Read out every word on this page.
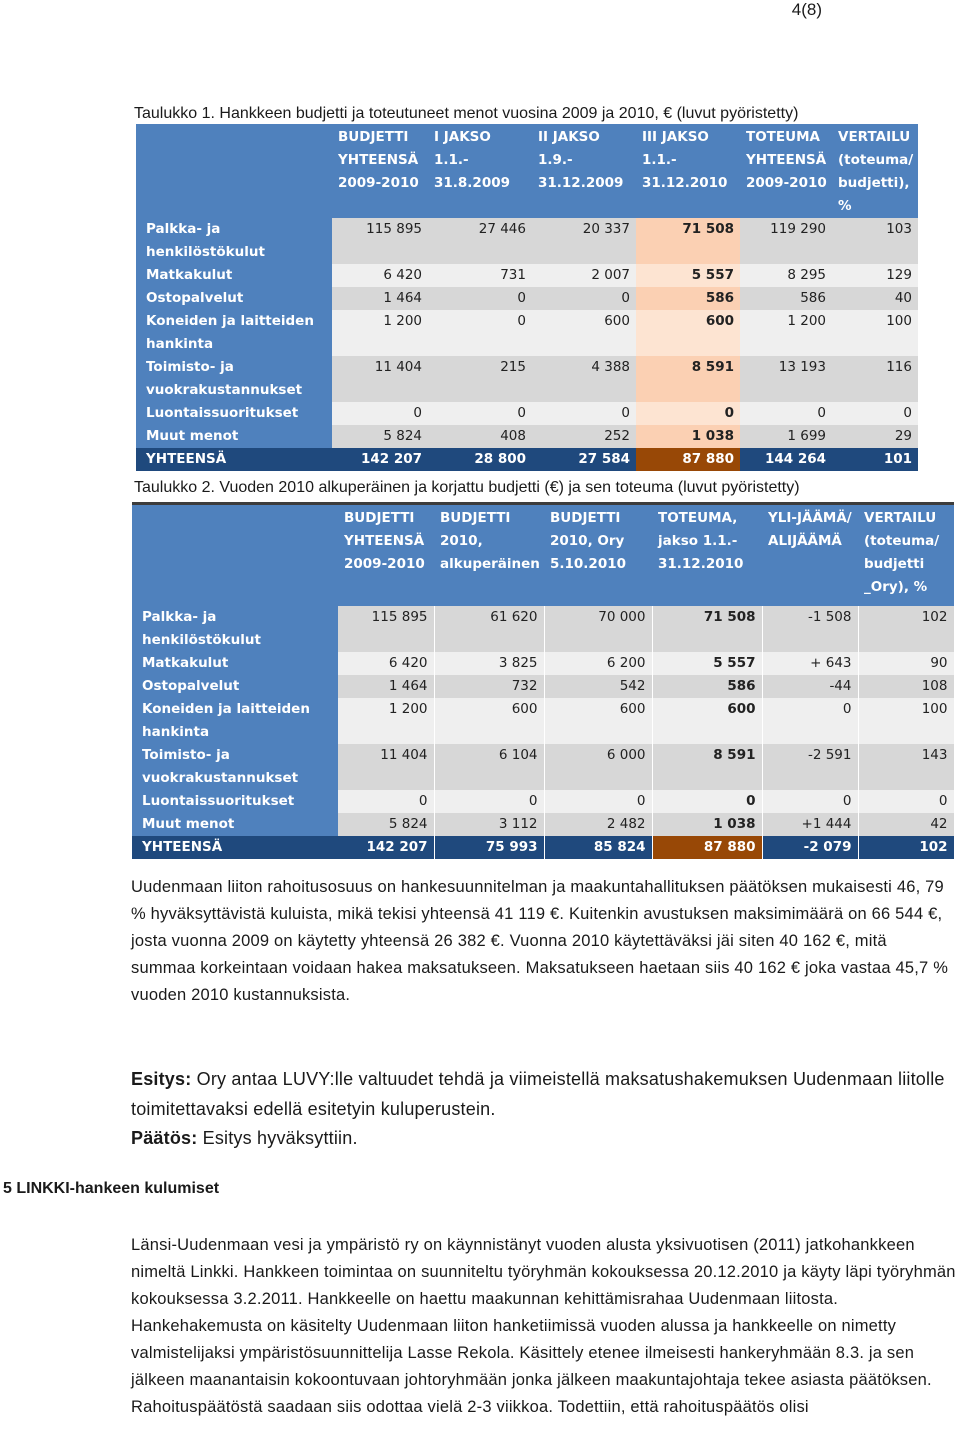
4(8)
Taulukko 1. Hankkeen budjetti ja toteutuneet menot vuosina 2009 ja 2010, € (luvut pyöristetty)
	BUDJETTI YHTEENSÄ 2009-2010	I JAKSO 1.1.- 31.8.2009	II JAKSO 1.9.- 31.12.2009	III JAKSO 1.1.- 31.12.2010	TOTEUMA YHTEENSÄ 2009-2010	VERTAILU (toteuma/ budjetti), %
Palkka- ja henkilöstökulut	115 895	27 446	20 337	71 508	119 290	103
Matkakulut	6 420	731	2 007	5 557	8 295	129
Ostopalvelut	1 464	0	0	586	586	40
Koneiden ja laitteiden hankinta	1 200	0	600	600	1 200	100
Toimisto- ja vuokrakustannukset	11 404	215	4 388	8 591	13 193	116
Luontaissuoritukset	0	0	0	0	0	0
Muut menot	5 824	408	252	1 038	1 699	29
YHTEENSÄ	142 207	28 800	27 584	87 880	144 264	101
Taulukko 2. Vuoden 2010 alkuperäinen ja korjattu budjetti (€) ja sen toteuma (luvut pyöristetty)
	BUDJETTI YHTEENSÄ 2009-2010	BUDJETTI 2010, alkuperäinen	BUDJETTI 2010, Ory 5.10.2010	TOTEUMA, jakso 1.1.- 31.12.2010	YLI-JÄÄMÄ/ ALIJÄÄMÄ	VERTAILU (toteuma/ budjetti _Ory), %
Palkka- ja henkilöstökulut	115 895	61 620	70 000	71 508	-1 508	102
Matkakulut	6 420	3 825	6 200	5 557	+ 643	90
Ostopalvelut	1 464	732	542	586	-44	108
Koneiden ja laitteiden hankinta	1 200	600	600	600	0	100
Toimisto- ja vuokrakustannukset	11 404	6 104	6 000	8 591	-2 591	143
Luontaissuoritukset	0	0	0	0	0	0
Muut menot	5 824	3 112	2 482	1 038	+1 444	42
YHTEENSÄ	142 207	75 993	85 824	87 880	-2 079	102
Uudenmaan liiton rahoitusosuus on hankesuunnitelman ja maakuntahallituksen päätöksen mukaisesti 46, 79 % hyväksyttävistä kuluista, mikä tekisi yhteensä 41 119 €. Kuitenkin avustuksen maksimimäärä on 66 544 €, josta vuonna 2009 on käytetty yhteensä 26 382 €. Vuonna 2010 käytettäväksi jäi siten 40 162 €, mitä summaa korkeintaan voidaan hakea maksatukseen. Maksatukseen haetaan siis 40 162 € joka vastaa 45,7 % vuoden 2010 kustannuksista.
Esitys: Ory antaa LUVY:lle valtuudet tehdä ja viimeistellä maksatushakemuksen Uudenmaan liitolle toimitettavaksi edellä esitetyin kuluperustein.
Päätös: Esitys hyväksyttiin.
5 LINKKI-hankeen kulumiset
Länsi-Uudenmaan vesi ja ympäristö ry on käynnistänyt vuoden alusta yksivuotisen (2011) jatkohankkeen nimeltä Linkki. Hankkeen toimintaa on suunniteltu työryhmän kokouksessa 20.12.2010 ja käyty läpi työryhmän kokouksessa 3.2.2011. Hankkeelle on haettu maakunnan kehittämisrahaa Uudenmaan liitosta. Hankehakemusta on käsitelty Uudenmaan liiton hanketiimissä vuoden alussa ja hankkeelle on nimetty valmistelijaksi ympäristösuunnittelija Lasse Rekola. Käsittely etenee ilmeisesti hankeryhmään 8.3. ja sen jälkeen maanantaisin kokoontuvaan johtoryhmään jonka jälkeen maakuntajohtaja tekee asiasta päätöksen. Rahoituspäätöstä saadaan siis odottaa vielä 2-3 viikkoa. Todettiin, että rahoituspäätös olisi
